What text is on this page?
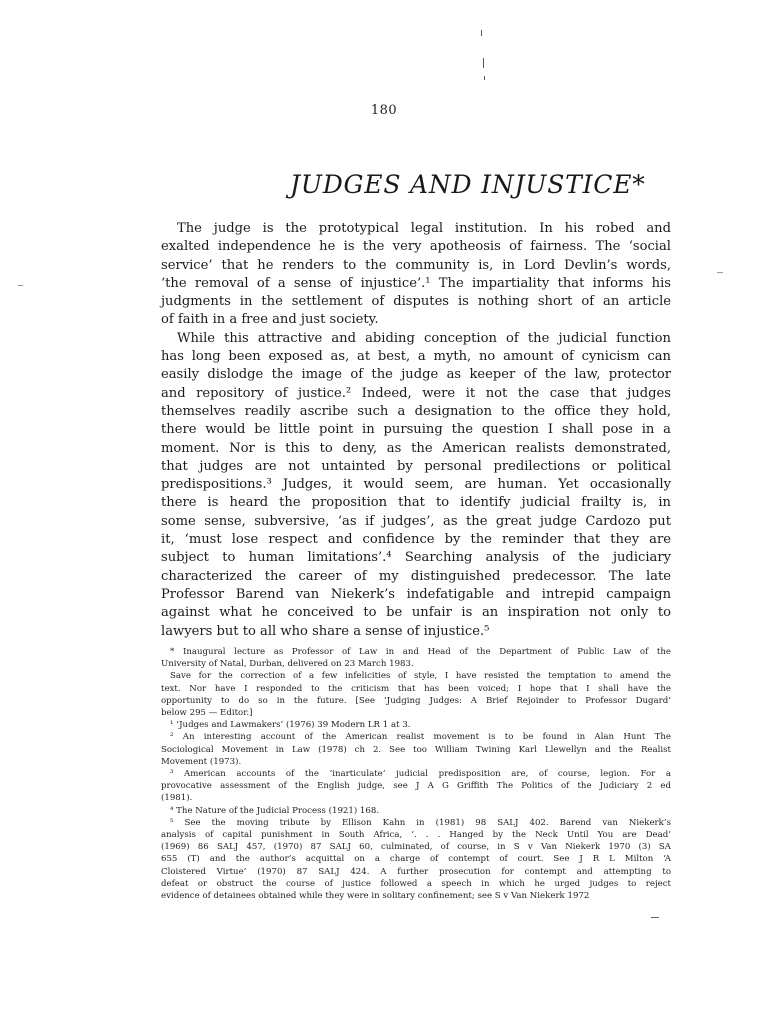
180
JUDGES AND INJUSTICE*

The judge is the prototypical legal institution. In his robed and
exalted independence he is the very apotheosis of fairness. The ‘social
service’ that he renders to the community is, in Lord Devlin’s words,
‘the removal of a sense of injustice’.¹ The impartiality that informs his
judgments in the settlement of disputes is nothing short of an article
of faith in a free and just society.

While this attractive and abiding conception of the judicial function
has long been exposed as, at best, a myth, no amount of cynicism can
easily dislodge the image of the judge as keeper of the law, protector
and repository of justice.² Indeed, were it not the case that judges
themselves readily ascribe such a designation to the office they hold,
there would be little point in pursuing the question I shall pose in a
moment. Nor is this to deny, as the American realists demonstrated,
that judges are not untainted by personal predilections or political
predispositions.³ Judges, it would seem, are human. Yet occasionally
there is heard the proposition that to identify judicial frailty is, in
some sense, subversive, ‘as if judges’, as the great judge Cardozo put
it, ‘must lose respect and confidence by the reminder that they are
subject to human limitations’.⁴ Searching analysis of the judiciary
characterized the career of my distinguished predecessor. The late
Professor Barend van Niekerk’s indefatigable and intrepid campaign
against what he conceived to be unfair is an inspiration not only to
lawyers but to all who share a sense of injustice.⁵

* Inaugural lecture as Professor of Law in and Head of the Department of Public Law of the
University of Natal, Durban, delivered on 23 March 1983.

Save for the correction of a few infelicities of style, I have resisted the temptation to amend the
text. Nor have I responded to the criticism that has been voiced; I hope that I shall have the
opportunity to do so in the future. [See ‘Judging Judges: A Brief Rejoinder to Professor Dugard’
below 295 — Editor.]

¹ ‘Judges and Lawmakers’ (1976) 39 Modern LR 1 at 3.

² An interesting account of the American realist movement is to be found in Alan Hunt The
Sociological Movement in Law (1978) ch 2. See too William Twining Karl Llewellyn and the Realist
Movement (1973).

³ American accounts of the ‘inarticulate’ judicial predisposition are, of course, legion. For a
provocative assessment of the English judge, see J A G Griffith The Politics of the Judiciary 2 ed
(1981).

⁴ The Nature of the Judicial Process (1921) 168.

⁵ See the moving tribute by Ellison Kahn in (1981) 98 SALJ 402. Barend van Niekerk’s
analysis of capital punishment in South Africa, ‘. . . Hanged by the Neck Until You are Dead’
(1969) 86 SALJ 457, (1970) 87 SALJ 60, culminated, of course, in S v Van Niekerk 1970 (3) SA
655 (T) and the author’s acquittal on a charge of contempt of court. See J R L Milton ‘A
Cloistered Virtue’ (1970) 87 SALJ 424. A further prosecution for contempt and attempting to
defeat or obstruct the course of justice followed a speech in which he urged judges to reject
evidence of detainees obtained while they were in solitary confinement; see S v Van Niekerk 1972
